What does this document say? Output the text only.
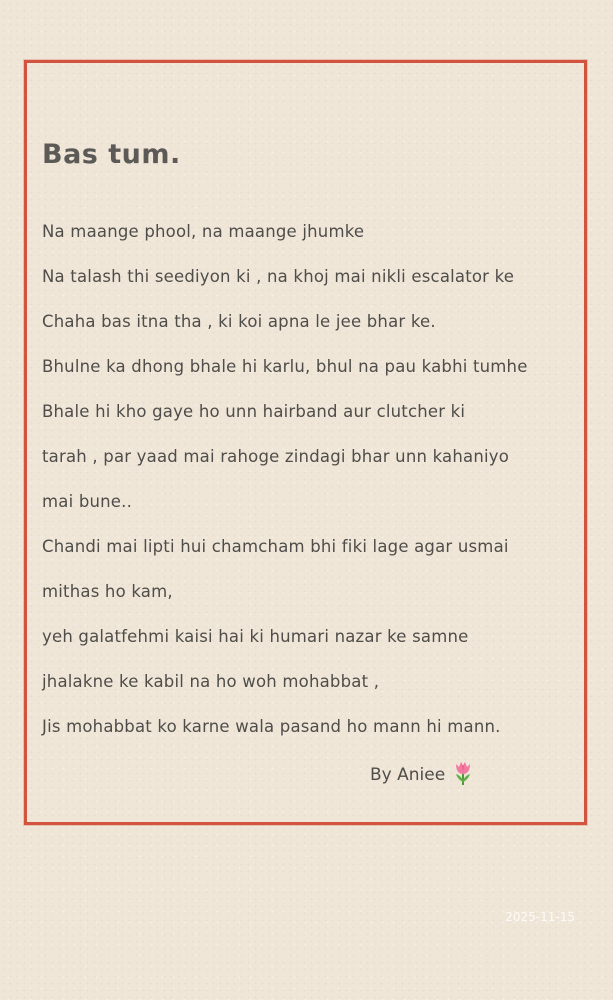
Bas tum.
Na maange phool, na maange jhumke
Na talash thi seediyon ki , na khoj mai nikli escalator ke
Chaha bas itna tha , ki koi apna le jee bhar ke.
Bhulne ka dhong bhale hi karlu, bhul na pau kabhi tumhe
Bhale hi kho gaye ho unn hairband aur clutcher ki
tarah , par yaad mai rahoge zindagi bhar unn kahaniyo
mai bune..
Chandi mai lipti hui chamcham bhi fiki lage agar usmai
mithas ho kam,
yeh galatfehmi kaisi hai ki humari nazar ke samne
jhalakne ke kabil na ho woh mohabbat ,
Jis mohabbat ko karne wala pasand ho mann hi mann.
By Aniee
2025-11-15
